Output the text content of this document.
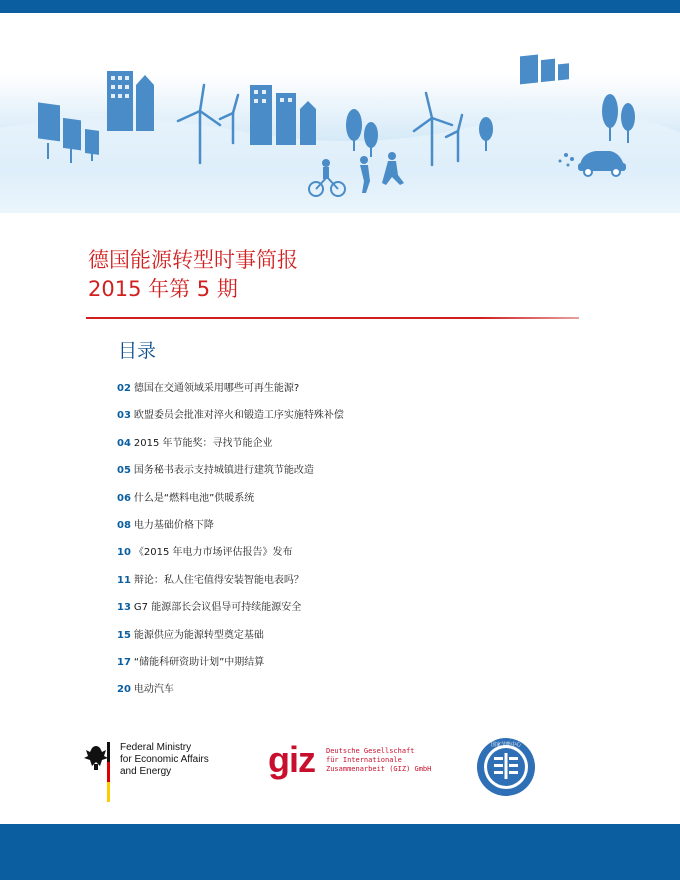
德国能源转型时事简报
2015 年第 5 期
目录
02 德国在交通领域采用哪些可再生能源?
03 欧盟委员会批准对淬火和锻造工序实施特殊补偿
04 2015 年节能奖：寻找节能企业
05 国务秘书表示支持城镇进行建筑节能改造
06 什么是“燃料电池”供暖系统
08 电力基础价格下降
10 《2015 年电力市场评估报告》发布
11 辩论：私人住宅值得安装智能电表吗？
13 G7 能源部长会议倡导可持续能源安全
15 能源供应为能源转型奠定基础
17 “储能科研资助计划”中期结算
20 电动汽车
Federal Ministry
for Economic Affairs
and Energy	giz Deutsche Gesellschaft
für Internationale
Zusammenarbeit (GIZ) GmbH
国家节能中心
